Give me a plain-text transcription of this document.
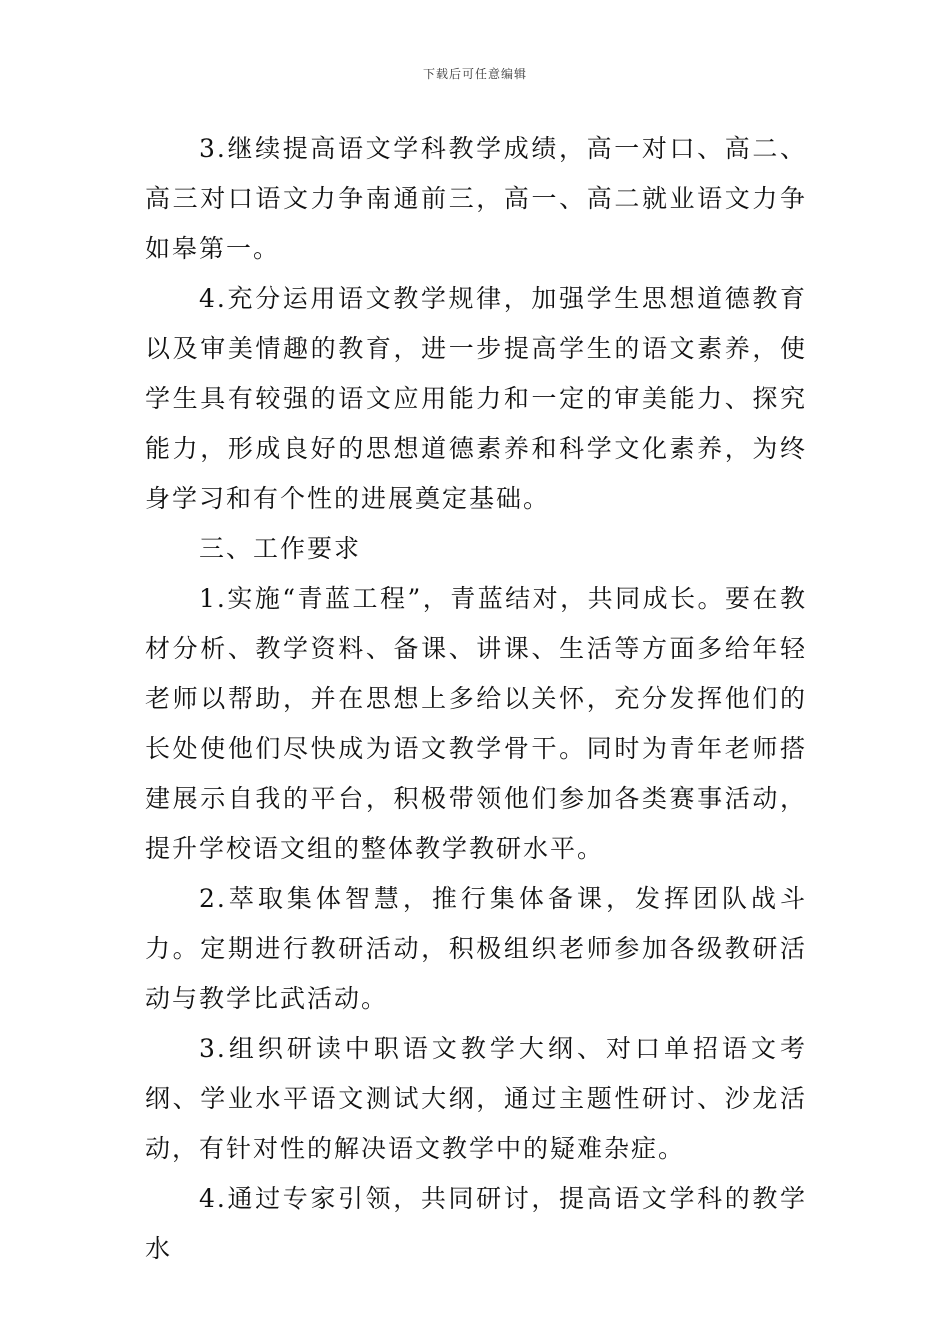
下载后可任意编辑

3.继续提高语文学科教学成绩，高一对口、高二、高三对口语文力争南通前三，高一、高二就业语文力争如皋第一。

4.充分运用语文教学规律，加强学生思想道德教育以及审美情趣的教育，进一步提高学生的语文素养，使学生具有较强的语文应用能力和一定的审美能力、探究能力，形成良好的思想道德素养和科学文化素养，为终身学习和有个性的进展奠定基础。

三、工作要求

1.实施“青蓝工程”，青蓝结对，共同成长。要在教材分析、教学资料、备课、讲课、生活等方面多给年轻老师以帮助，并在思想上多给以关怀，充分发挥他们的长处使他们尽快成为语文教学骨干。同时为青年老师搭建展示自我的平台，积极带领他们参加各类赛事活动，提升学校语文组的整体教学教研水平。

2.萃取集体智慧，推行集体备课，发挥团队战斗力。定期进行教研活动，积极组织老师参加各级教研活动与教学比武活动。

3.组织研读中职语文教学大纲、对口单招语文考纲、学业水平语文测试大纲，通过主题性研讨、沙龙活动，有针对性的解决语文教学中的疑难杂症。

4.通过专家引领，共同研讨，提高语文学科的教学水
